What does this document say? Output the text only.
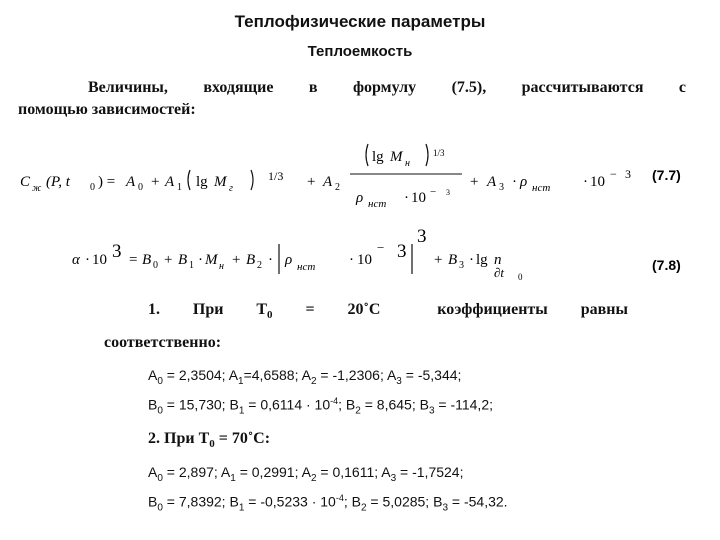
Теплофизические параметры
Теплоемкость
Величины, входящие в формулу (7.5), рассчитываются с
помощью зависимостей:
C ж (P, t 0 ) = A 0 + A 1 lg M г
1/3 + A 2
lg M н
1/3
ρ нст · 10 − 3
+ A 3 · ρ нст · 10 − 3 (7.7)
α · 10 3 = B 0 + B 1 · M н + B 2 · ρ нст · 10
− 3
3
+ B 3 · lg n
∂t 0
(7.8)
1. При $T_0$ = 20˚C	коэффициенты равны
соответственно:
$A_0 = 2,3504$; $A_1=4,6588$; $A_2 = -1,2306$; $A_3 = -5,344$;
$B_0 = 15,730$; $B_1 = 0,6114 \cdot 10^{-4}$; $B_2 = 8,645$; $B_3 = -114,2$;
2. При $T_0$ = 70˚C:
$A_0 = 2,897$; $A_1 = 0,2991$; $A_2 = 0,1611$; $A_3 = -1,7524$;
$B_0 = 7,8392$; $B_1 = -0,5233 \cdot 10^{-4}$; $B_2 = 5,0285$; $B_3 = -54,32$.
